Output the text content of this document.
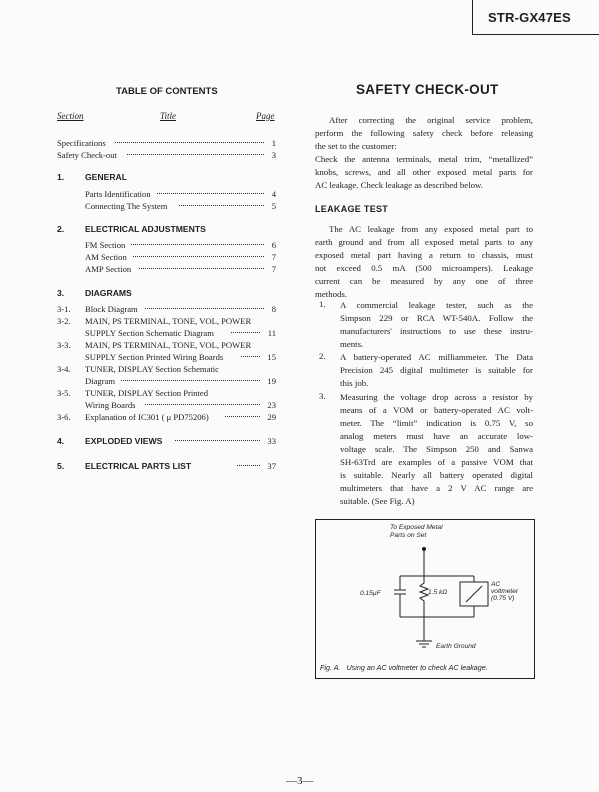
STR-GX47ES
TABLE OF CONTENTS
Section	Title	Page
Specifications	1
Safety Check-out	3
1. GENERAL
Parts Identification	4
Connecting The System	5
2. ELECTRICAL ADJUSTMENTS
FM Section	6
AM Section	7
AMP Section	7
3. DIAGRAMS
3-1. Block Diagram	8
3-2. MAIN, PS TERMINAL, TONE, VOL, POWER
SUPPLY Section Schematic Diagram	11
3-3. MAIN, PS TERMINAL, TONE, VOL, POWER
SUPPLY Section Printed Wiring Boards	15
3-4. TUNER, DISPLAY Section Schematic
Diagram	19
3-5. TUNER, DISPLAY Section Printed
Wiring Boards	23
3-6. Explanation of IC301 ( μ PD75206)	29
4. EXPLODED VIEWS	33
5. ELECTRICAL PARTS LIST	37
SAFETY CHECK-OUT
After correcting the original service problem,
perform the following safety check before releasing
the set to the customer:
Check the antenna terminals, metal trim, “metallized”
knobs, screws, and all other exposed metal parts for
AC leakage. Check leakage as described below.
LEAKAGE TEST
The AC leakage from any exposed metal part to
earth ground and from all exposed metal parts to any
exposed metal part having a return to chassis, must
not exceed 0.5 mA (500 microampers). Leakage
current can be measured by any one of three
methods.
1. A commercial leakage tester, such as the
Simpson 229 or RCA WT-540A. Follow the
manufacturers' instructions to use these instru-
ments.
2. A battery-operated AC milliammeter. The Data
Precision 245 digital multimeter is suitable for
this job.
3. Measuring the voltage drop across a resistor by
means of a VOM or battery-operated AC volt-
meter. The “limit” indication is 0.75 V, so
analog meters must have an accurate low-
voltage scale. The Simpson 250 and Sanwa
SH-63Trd are examples of a passive VOM that
is suitable. Nearly all battery operated digital
multimeters that have a 2 V AC range are
suitable. (See Fig. A)
To Exposed Metal
Parts on Set
0.15μF	1.5 kΩ
AC
voltmeter
(0.75 V)
Earth Ground
Fig. A.   Using an AC voltmeter to check AC leakage.
—3—
